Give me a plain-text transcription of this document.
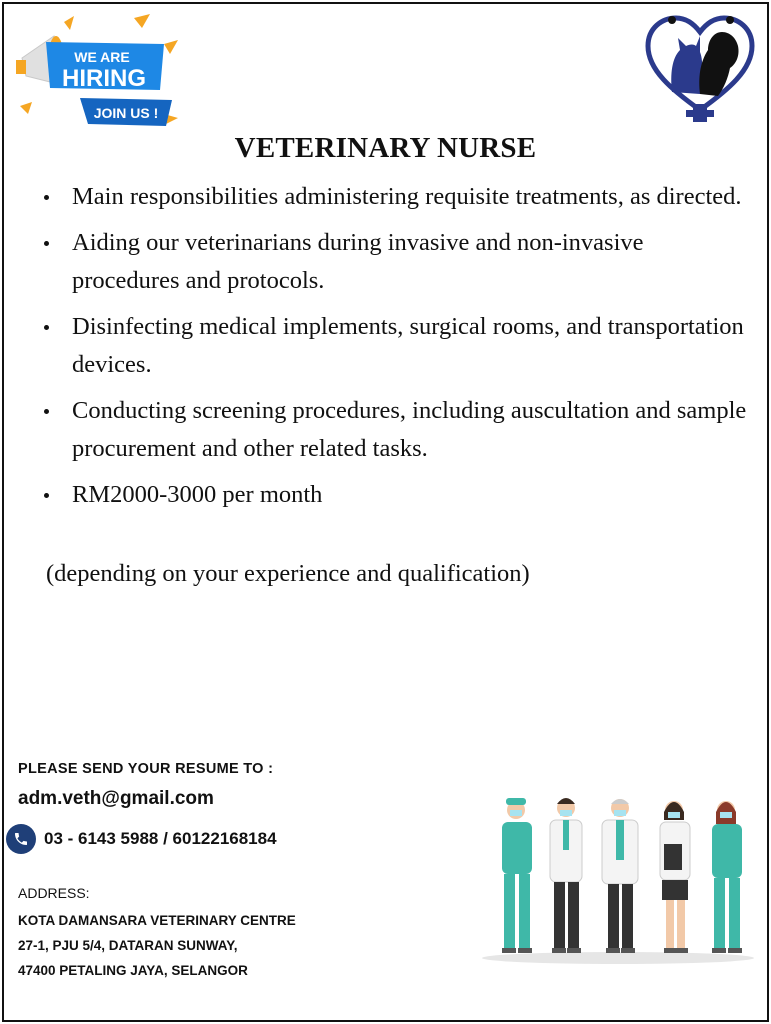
WE ARE
HIRING
JOIN US !
VETERINARY NURSE
Main responsibilities administering requisite treatments, as directed.
Aiding our veterinarians during invasive and non-invasive procedures and protocols.
Disinfecting medical implements, surgical rooms, and transportation devices.
Conducting screening procedures, including auscultation and sample procurement and other related tasks.
RM2000-3000 per month
(depending on your experience and qualification)
PLEASE SEND YOUR RESUME TO :
adm.veth@gmail.com
03 - 6143 5988 / 60122168184
ADDRESS:
KOTA DAMANSARA VETERINARY CENTRE
27-1, PJU 5/4, DATARAN SUNWAY,
47400 PETALING JAYA, SELANGOR
